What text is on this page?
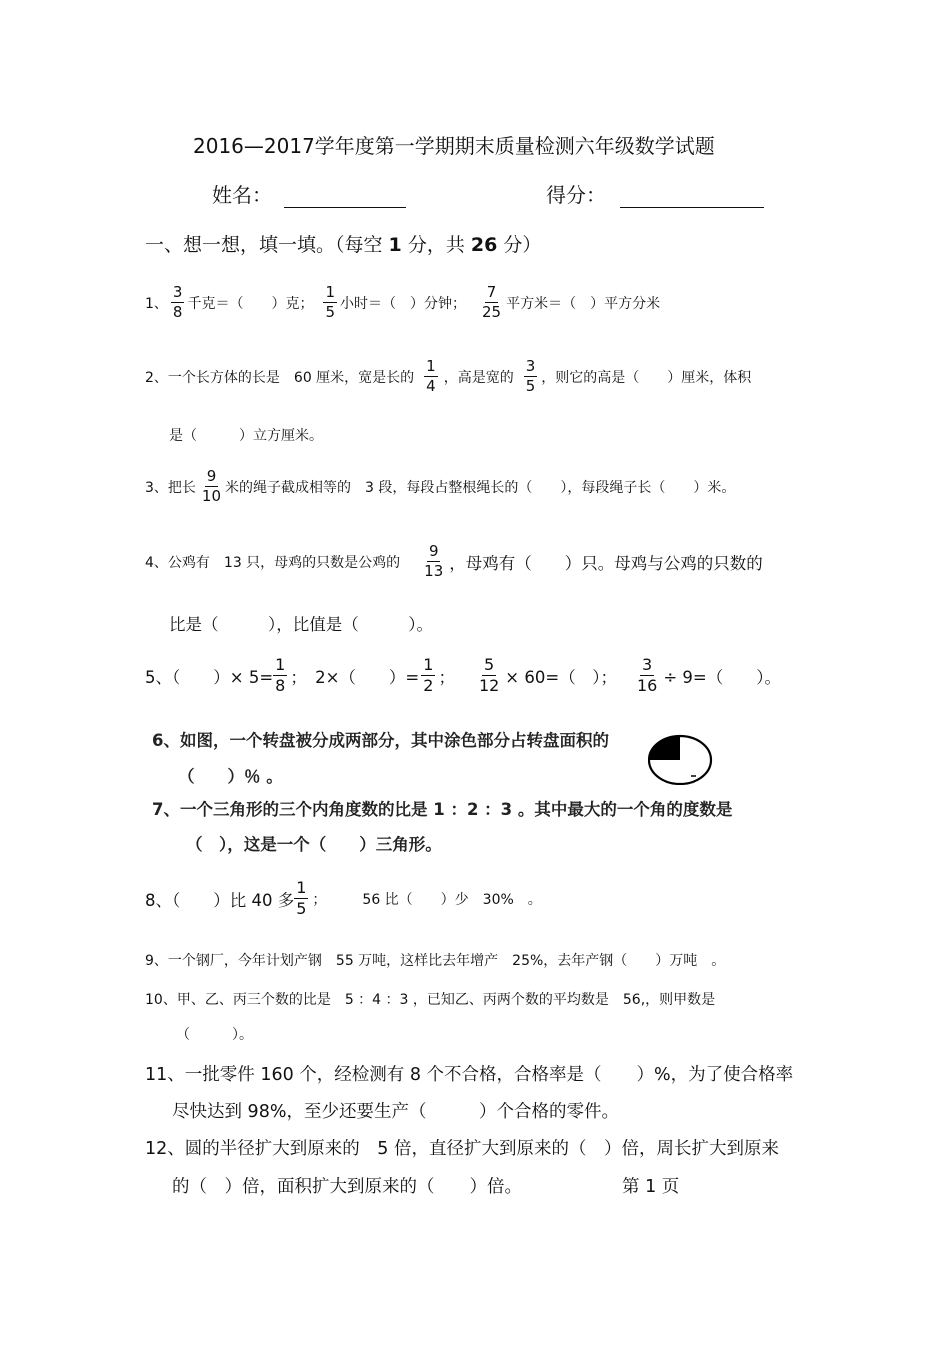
2016—2017学年度第一学期期末质量检测六年级数学试题
姓名：	得分：
一、想一想，填一填。（每空 1 分，共 26 分）
1、 $\frac{3}{8}$ 千克＝（　　）克； $\frac{1}{5}$ 小时＝（　）分钟； $\frac{7}{25}$ 平方米＝（　）平方分米
2、一个长方体的长是　60 厘米，宽是长的 $\frac{1}{4}$ ，高是宽的 $\frac{3}{5}$ ，则它的高是（　　）厘米，体积
是（　　　）立方厘米。
3、把长 $\frac{9}{10}$ 米的绳子截成相等的　3 段，每段占整根绳长的（　　），每段绳子长（　　）米。
4、公鸡有　13 只，母鸡的只数是公鸡的 $\frac{9}{13}$ ，母鸡有（　　）只。母鸡与公鸡的只数的
比是（　　　），比值是（　　　）。
5、（　　）× $5= \frac{1}{8}$ ；　2×（　　）= $\frac{1}{2}$ ； $\frac{5}{12} \times 60=$（　）； $\frac{3}{16} \div 9=$（　　）。
6、如图，一个转盘被分成两部分，其中涂色部分占转盘面积的
（　　）％ 。
7、一个三角形的三个内角度数的比是 1 ：2 ：3 。其中最大的一个角的度数是
（　），这是一个（　　）三角形。
8、（　　）比 40 多 $\frac{1}{5}$ ；	56 比（　　）少　30%　。
9、一个钢厂，今年计划产钢　55 万吨，这样比去年增产　25%，去年产钢（　　）万吨　。
10、甲、乙、丙三个数的比是　5 ：4 ：3 ，已知乙、丙两个数的平均数是　56,，则甲数是
（　　　）。
11、一批零件 160 个，经检测有 8 个不合格，合格率是（　　）%，为了使合格率
尽快达到 98%，至少还要生产（　　　）个合格的零件。
12、圆的半径扩大到原来的　5 倍，直径扩大到原来的（　）倍，周长扩大到原来
的（　）倍，面积扩大到原来的（　　）倍。	第 1 页
